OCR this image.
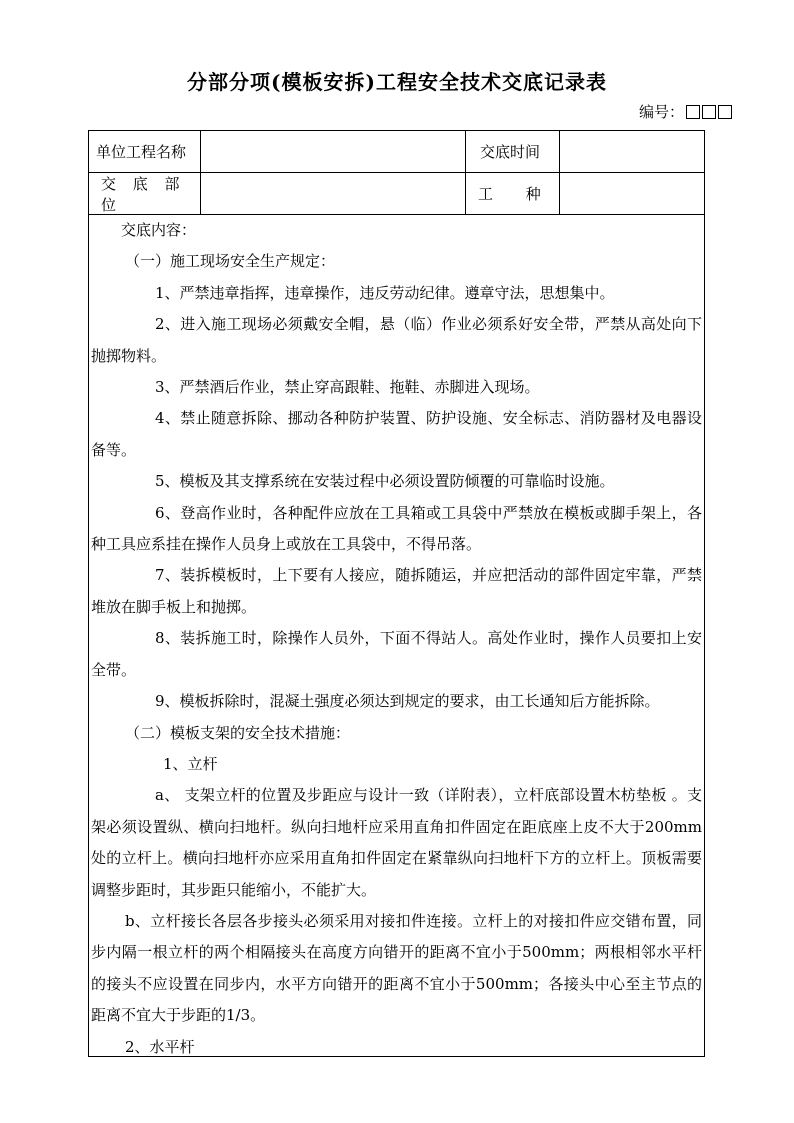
分部分项(模板安拆)工程安全技术交底记录表
编号：
单位工程名称	交底时间
交 底 部 位
工 种

交底内容：

（一）施工现场安全生产规定：

1、严禁违章指挥，违章操作，违反劳动纪律。遵章守法，思想集中。

2、进入施工现场必须戴安全帽，悬（临）作业必须系好安全带，严禁从高处向下抛掷物料。

3、严禁酒后作业，禁止穿高跟鞋、拖鞋、赤脚进入现场。

4、禁止随意拆除、挪动各种防护装置、防护设施、安全标志、消防器材及电器设备等。

5、模板及其支撑系统在安装过程中必须设置防倾覆的可靠临时设施。

6、登高作业时，各种配件应放在工具箱或工具袋中严禁放在模板或脚手架上，各种工具应系挂在操作人员身上或放在工具袋中，不得吊落。

7、装拆模板时，上下要有人接应，随拆随运，并应把活动的部件固定牢靠，严禁堆放在脚手板上和抛掷。

8、装拆施工时，除操作人员外，下面不得站人。高处作业时，操作人员要扣上安全带。

9、模板拆除时，混凝土强度必须达到规定的要求，由工长通知后方能拆除。

（二）模板支架的安全技术措施：

1、立杆

a、 支架立杆的位置及步距应与设计一致（详附表），立杆底部设置木枋垫板 。支架必须设置纵、横向扫地杆。纵向扫地杆应采用直角扣件固定在距底座上皮不大于200mm处的立杆上。横向扫地杆亦应采用直角扣件固定在紧靠纵向扫地杆下方的立杆上。顶板需要调整步距时，其步距只能缩小，不能扩大。

b、立杆接长各层各步接头必须采用对接扣件连接。立杆上的对接扣件应交错布置，同步内隔一根立杆的两个相隔接头在高度方向错开的距离不宜小于500mm；两根相邻水平杆的接头不应设置在同步内，水平方向错开的距离不宜小于500mm；各接头中心至主节点的距离不宜大于步距的1/3。

2、水平杆
